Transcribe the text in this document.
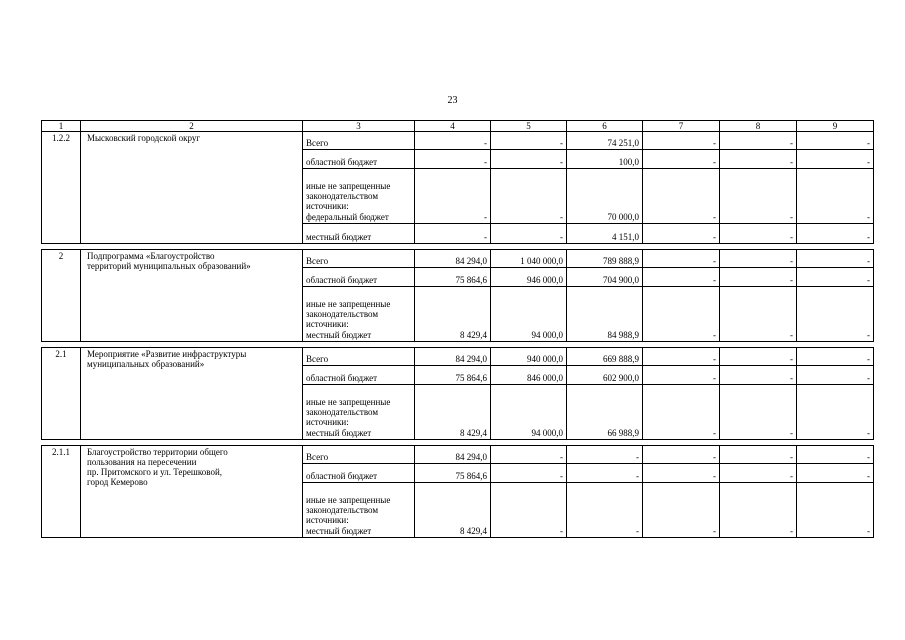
23
1	2	3	4	5	6	7	8	9
1.2.2	Мысковский городской округ	Всего	-	-	74 251,0	-	-	-
		областной бюджет	-	-	100,0	-	-	-

		иные не запрещенные
законодательством
источники:
федеральный бюджет	-	-	70 000,0	-	-	-
		местный бюджет	-	-	4 151,0	-	-	-

2	Подпрограмма «Благоустройство
территорий муниципальных образований»	Всего	84 294,0	1 040 000,0	789 888,9	-	-	-
		областной бюджет	75 864,6	946 000,0	704 900,0	-	-	-

		иные не запрещенные
законодательством
источники:
местный бюджет	8 429,4	94 000,0	84 988,9	-	-	-

2.1	Мероприятие «Развитие инфраструктуры
муниципальных образований»	Всего	84 294,0	940 000,0	669 888,9	-	-	-
		областной бюджет	75 864,6	846 000,0	602 900,0	-	-	-

		иные не запрещенные
законодательством
источники:
местный бюджет	8 429,4	94 000,0	66 988,9	-	-	-

2.1.1	Благоустройство территории общего
пользования на пересечении
пр. Притомского и ул. Терешковой,
город Кемерово	Всего	84 294,0	-	-	-	-	-
		областной бюджет	75 864,6	-	-	-	-	-

		иные не запрещенные
законодательством
источники:
местный бюджет	8 429,4	-	-	-	-	-
